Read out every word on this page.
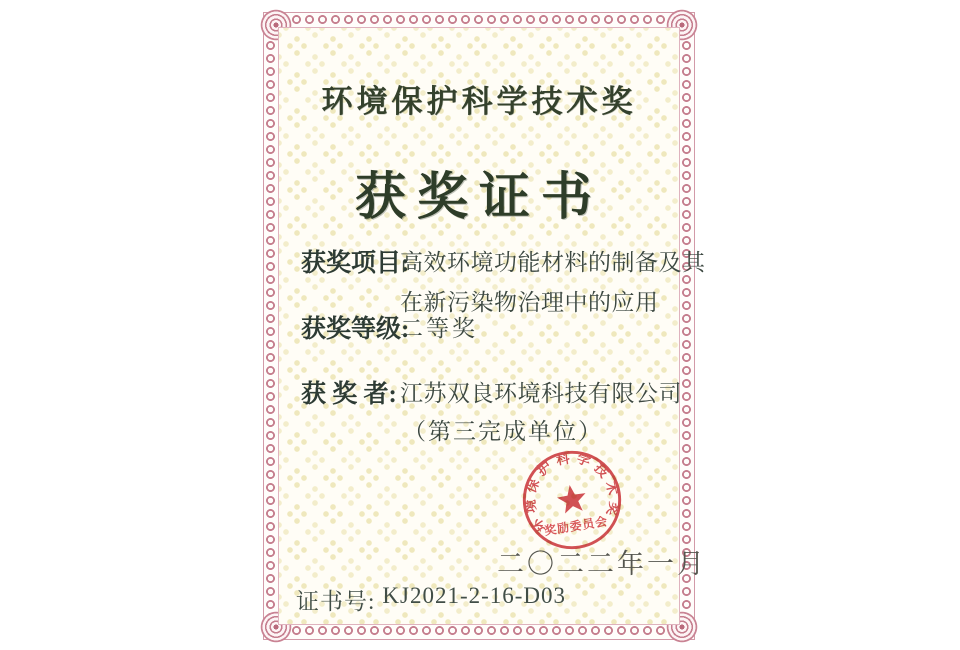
环境保护科学技术奖
获奖证书
获奖项目:
高效环境功能材料的制备及其
在新污染物治理中的应用
获奖等级:
二等奖
获 奖 者: 江苏双良环境科技有限公司
（第三完成单位）
二〇二二年一月
证书号: KJ2021-2-16-D03
环境保护科学技术奖
奖励委员会
